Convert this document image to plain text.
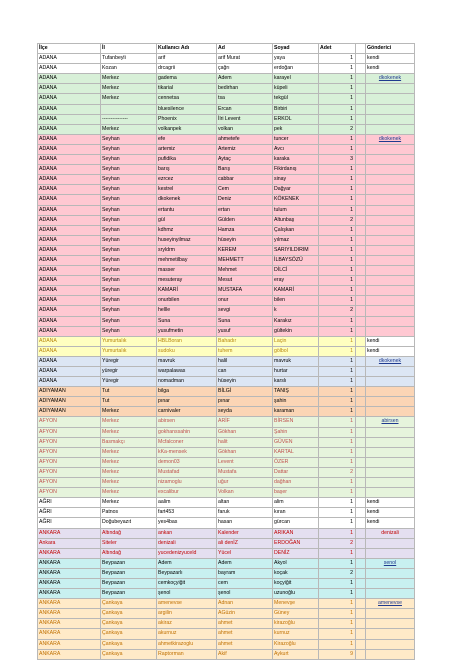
İlçe	İl	Kullanıcı Adı	Ad	Soyad	Adet		Gönderici
ADANA	Tufanbeyli	arif	arif Murat	yaya	1		kendi
ADANA	Kozan	drcagrii	çağrı	erdoğan	1		kendi
ADANA	Merkez	gadema	Adem	karayel	1		dkokenek
ADANA	Merkez	tikarial	bedirhan	küpeli	1		
ADANA	Merkez	cennetsa	tsa	tekgül	1		
ADANA		bluesilence	Ercan	Birbiri	1		
ADANA	---------------	Phoenix	İlri Levent	ERKOL	1		
ADANA	Merkez	volkanpek	volkan	pek	2		
ADANA	Seyhan	efe	ahmetefe	tuncer	1		dkokenek
ADANA	Seyhan	artemiz	Artemiz	Avcı	1		
ADANA	Seyhan	pufidika	Aytaç	karaka	3		
ADANA	Seyhan	barış	Barış	Fikirdanış	1		
ADANA	Seyhan	ezrcez	cabbar	sinay	1		
ADANA	Seyhan	kestrel	Cem	Dağyar	1		
ADANA	Seyhan	dkokenek	Deniz	KÖKENEK	1		
ADANA	Seyhan	ertantu	ertan	tulum	1		
ADANA	Seyhan	gül	Gülden	Altunbaş	2		
ADANA	Seyhan	kdhmz	Hamza	Çalışkan	1		
ADANA	Seyhan	huseyinyilmaz	hüseyin	yılmaz	1		
ADANA	Seyhan	sryldrm	KEREM	SARIYILDIRIM	1		
ADANA	Seyhan	mehmetilbay	MEHMETT	İLBAYSÖZÜ	1		
ADANA	Seyhan	masser	Mehmet	DİLCİ	1		
ADANA	Seyhan	mesuteray	Mesut	eray	1		
ADANA	Seyhan	KAMARİ	MUSTAFA	KAMARİ	1		
ADANA	Seyhan	onurbilen	onur	bilen	1		
ADANA	Seyhan	hellle	sevgi	k	2		
ADANA	Seyhan	Suna	Suna	Karakız	1		
ADANA	Seyhan	yusufmetin	yusuf	gültekin	1		
ADANA	Yumurtalık	HBLBoran	Bahadır	Laçin	1		kendi
ADANA	Yumurtalık	sudoku	tuhem	gölbol	1		kendi
ADANA	Yüregir	mavruk	halil	mavruk	1		dkokenek
ADANA	yüregir	warpalawas	can	hurtar	1		
ADANA	Yüregir	nomadman	hüseyin	karslı	1		
ADIYAMAN	Tut	bilga	BİLGİ	TANIŞ	1		
ADIYAMAN	Tut	pınar	pınar	şahin	1		
ADIYAMAN	Merkez	carnivaler	seyda	karaman	1		
AFYON	Merkez	abirsen	ARİF	BİRSEN	1		abirsen
AFYON	Merkez	gokhanssahin	Gökhan	Şahin	1		
AFYON	Basmakçı	Mcfalconer	halit	GÜVEN	1		
AFYON	Merkez	kKa-mensek	Gökhan	KARTAL	1		
AFYON	Merkez	demon03	Levent	ÖZER	1		
AFYON	Merkez	Mustafad	Mustafa	Dattar	2		
AFYON	Merkez	nizamoglu	uğur	dağhan	1		
AFYON	Merkez	excalibur	Volkan	başer	1		
AĞRI	Merkez	aalim	altan	alim	1		kendi
AĞRI	Patnos	fart453	faruk	kıran	1		kendi
AĞRI	Doğubeyazıt	yes4bas	hasan	gürcan	1		kendi
ANKARA	Altındağ	ankan	Kalender	ARIKAN	1		denizali
Ankara	Siteler	denizali	ali denİZ	ERDOĞAN	2		
ANKARA	Altındağ	yucedenizyuceld	Yücel	DENİZ	1		
ANKARA	Beypazarı	Adem	Adem	Akyol	1		senol
ANKARA	Beypazarı	Beypazarlı	bayram	koçak	2		
ANKARA	Beypazarı	cemkoçyiğit	cem	koçyiğit	1		
ANKARA	Beypazarı	şenol	şenol	uzunoğlu	1		
ANKARA	Çankaya	amenevse	Adnan	Menevşe	1		amenevse
ANKARA	Çankaya	argilin	AGüzin	Güney	1		
ANKARA	Çankaya	akiraz	ahmet	kirazoğlu	1		
ANKARA	Çankaya	akurnuz	ahmet	kurnuz	1		
ANKARA	Çankaya	ahmetkirazoglu	ahmet	Kirazoğlu	1		
ANKARA	Çankaya	Raptorman	Akif	Aykurt	9		
